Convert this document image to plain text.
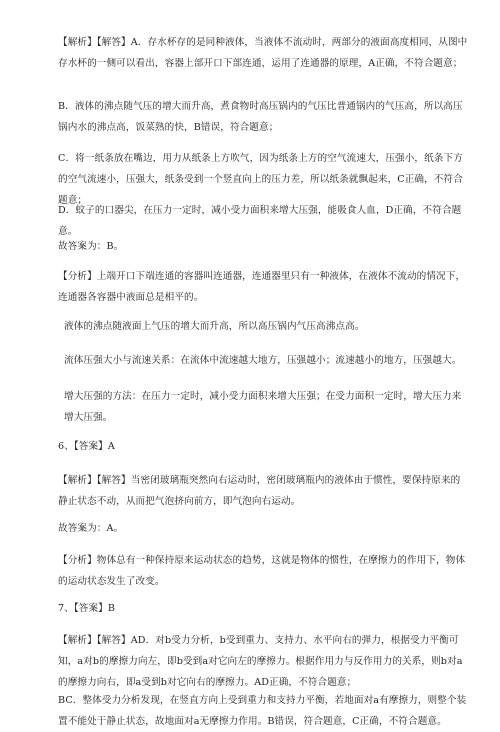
【解析】【解答】A．存水杯存的是同种液体，当液体不流动时，两部分的液面高度相同，从图中存水杯的一侧可以看出，容器上部开口下部连通，运用了连通器的原理，A正确，不符合题意；

B．液体的沸点随气压的增大而升高，煮食物时高压锅内的气压比普通锅内的气压高，所以高压锅内水的沸点高，饭菜熟的快，B错误，符合题意；

C．将一纸条放在嘴边，用力从纸条上方吹气，因为纸条上方的空气流速大，压强小，纸条下方的空气流速小，压强大，纸条受到一个竖直向上的压力差，所以纸条就飘起来，C正确，不符合题意；

D．蚊子的口器尖，在压力一定时，减小受力面积来增大压强，能吸食人血，D正确，不符合题意。

故答案为：B。

【分析】上端开口下端连通的容器叫连通器，连通器里只有一种液体，在液体不流动的情况下，连通器各容器中液面总是相平的。

液体的沸点随液面上气压的增大而升高，所以高压锅内气压高沸点高。

流体压强大小与流速关系：在流体中流速越大地方，压强越小；流速越小的地方，压强越大。

增大压强的方法：在压力一定时，减小受力面积来增大压强；在受力面积一定时，增大压力来增大压强。

6、【答案】A

【解析】【解答】当密闭玻璃瓶突然向右运动时，密闭玻璃瓶内的液体由于惯性，要保持原来的静止状态不动，从而把气泡挤向前方，即气泡向右运动。

故答案为：A。

【分析】物体总有一种保持原来运动状态的趋势，这就是物体的惯性，在摩擦力的作用下，物体的运动状态发生了改变。

7、【答案】B

【解析】【解答】AD．对b受力分析，b受到重力、支持力、水平向右的弹力，根据受力平衡可知，a对b的摩擦力向左，即b受到a对它向左的摩擦力。根据作用力与反作用力的关系，则b对a的摩擦力向右，即a受到b对它向右的摩擦力。AD正确，不符合题意；

BC．整体受力分析发现，在竖直方向上受到重力和支持力平衡，若地面对a有摩擦力，则整个装置不能处于静止状态，故地面对a无摩擦力作用。B错误，符合题意，C正确，不符合题意。
